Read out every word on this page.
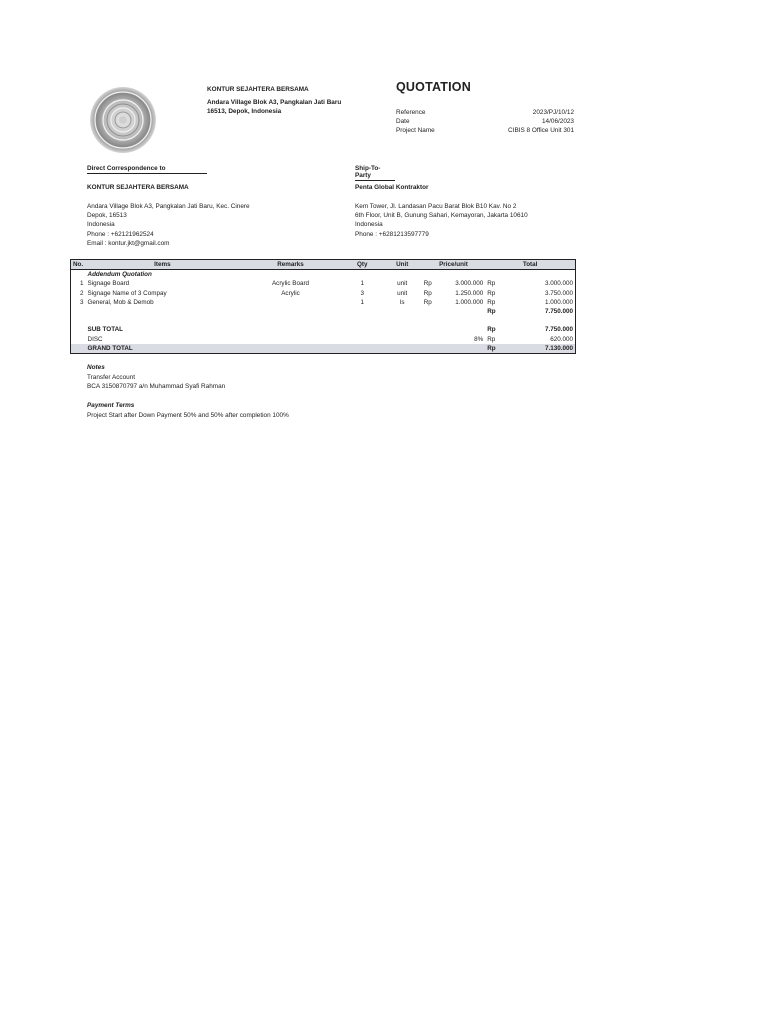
KONTUR SEJAHTERA BERSAMA
Andara Village Blok A3, Pangkalan Jati Baru
16513, Depok, Indonesia
QUOTATION
Reference	2023/PJ/10/12
Date	14/06/2023
Project Name	CIBIS 8 Office Unit 301
Direct Correspondence to
KONTUR SEJAHTERA BERSAMA
Andara Village Blok A3, Pangkalan Jati Baru, Kec. Cinere
Depok, 16513
Indonesia
Phone : +62121962524
Email : kontur.jkt@gmail.com
Ship-To-Party
Penta Global Kontraktor
Kem Tower, Jl. Landasan Pacu Barat Blok B10 Kav. No 2
6th Floor, Unit B, Gunung Sahari, Kemayoran, Jakarta 10610
Indonesia
Phone : +6281213597779
No.	Items	Remarks	Qty	Unit	Price/unit		Total	
	Addendum Quotation							
1	Signage Board	Acrylic Board	1	unit	Rp	3.000.000	Rp	3.000.000
2	Signage Name of 3 Compay	Acrylic	3	unit	Rp	1.250.000	Rp	3.750.000
3	General, Mob & Demob		1	ls	Rp	1.000.000	Rp	1.000.000
							Rp	7.750.000

	SUB TOTAL						Rp	7.750.000
	DISC					8%	Rp	620.000
	GRAND TOTAL						Rp	7.130.000
Notes
Transfer Account
BCA 3150870797 a/n Muhammad Syafi Rahman
Payment Terms
Project Start after Down Payment 50% and 50% after completion 100%
